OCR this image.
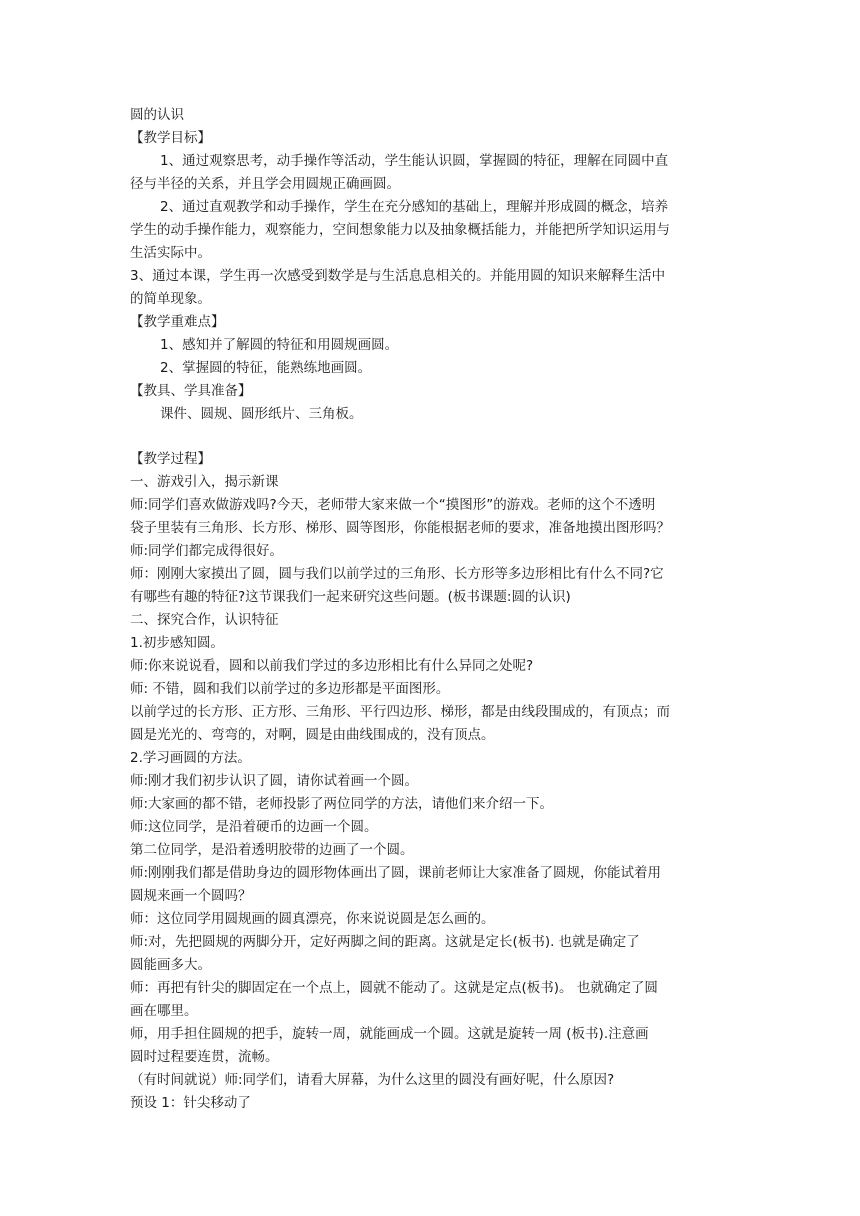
圆的认识
【教学目标】
1、通过观察思考，动手操作等活动，学生能认识圆，掌握圆的特征，理解在同圆中直
径与半径的关系，并且学会用圆规正确画圆。
2、通过直观教学和动手操作，学生在充分感知的基础上，理解并形成圆的概念，培养
学生的动手操作能力，观察能力，空间想象能力以及抽象概括能力，并能把所学知识运用与
生活实际中。
3、通过本课，学生再一次感受到数学是与生活息息相关的。并能用圆的知识来解释生活中
的简单现象。
【教学重难点】
1、感知并了解圆的特征和用圆规画圆。
2、掌握圆的特征，能熟练地画圆。
【教具、学具准备】
课件、圆规、圆形纸片、三角板。
【教学过程】
一、游戏引入，揭示新课
师:同学们喜欢做游戏吗?今天，老师带大家来做一个“摸图形”的游戏。老师的这个不透明
袋子里装有三角形、长方形、梯形、圆等图形，你能根据老师的要求，准备地摸出图形吗？
师:同学们都完成得很好。
师：刚刚大家摸出了圆，圆与我们以前学过的三角形、长方形等多边形相比有什么不同?它
有哪些有趣的特征?这节课我们一起来研究这些问题。(板书课题:圆的认识)
二、探究合作，认识特征
1.初步感知圆。
师:你来说说看，圆和以前我们学过的多边形相比有什么异同之处呢?
师: 不错，圆和我们以前学过的多边形都是平面图形。
以前学过的长方形、正方形、三角形、平行四边形、梯形，都是由线段围成的，有顶点；而
圆是光光的、弯弯的，对啊，圆是由曲线围成的，没有顶点。
2.学习画圆的方法。
师:刚才我们初步认识了圆，请你试着画一个圆。
师:大家画的都不错，老师投影了两位同学的方法，请他们来介绍一下。
师:这位同学，是沿着硬币的边画一个圆。
第二位同学，是沿着透明胶带的边画了一个圆。
师:刚刚我们都是借助身边的圆形物体画出了圆，课前老师让大家准备了圆规，你能试着用
圆规来画一个圆吗？
师：这位同学用圆规画的圆真漂亮，你来说说圆是怎么画的。
师:对，先把圆规的两脚分开，定好两脚之间的距离。这就是定长(板书). 也就是确定了
圆能画多大。
师：再把有针尖的脚固定在一个点上，圆就不能动了。这就是定点(板书)。 也就确定了圆
画在哪里。
师，用手担住圆规的把手，旋转一周，就能画成一个圆。这就是旋转一周 (板书).注意画
圆时过程要连贯，流畅。
（有时间就说）师:同学们，请看大屏幕，为什么这里的圆没有画好呢，什么原因?
预设 1：针尖移动了
